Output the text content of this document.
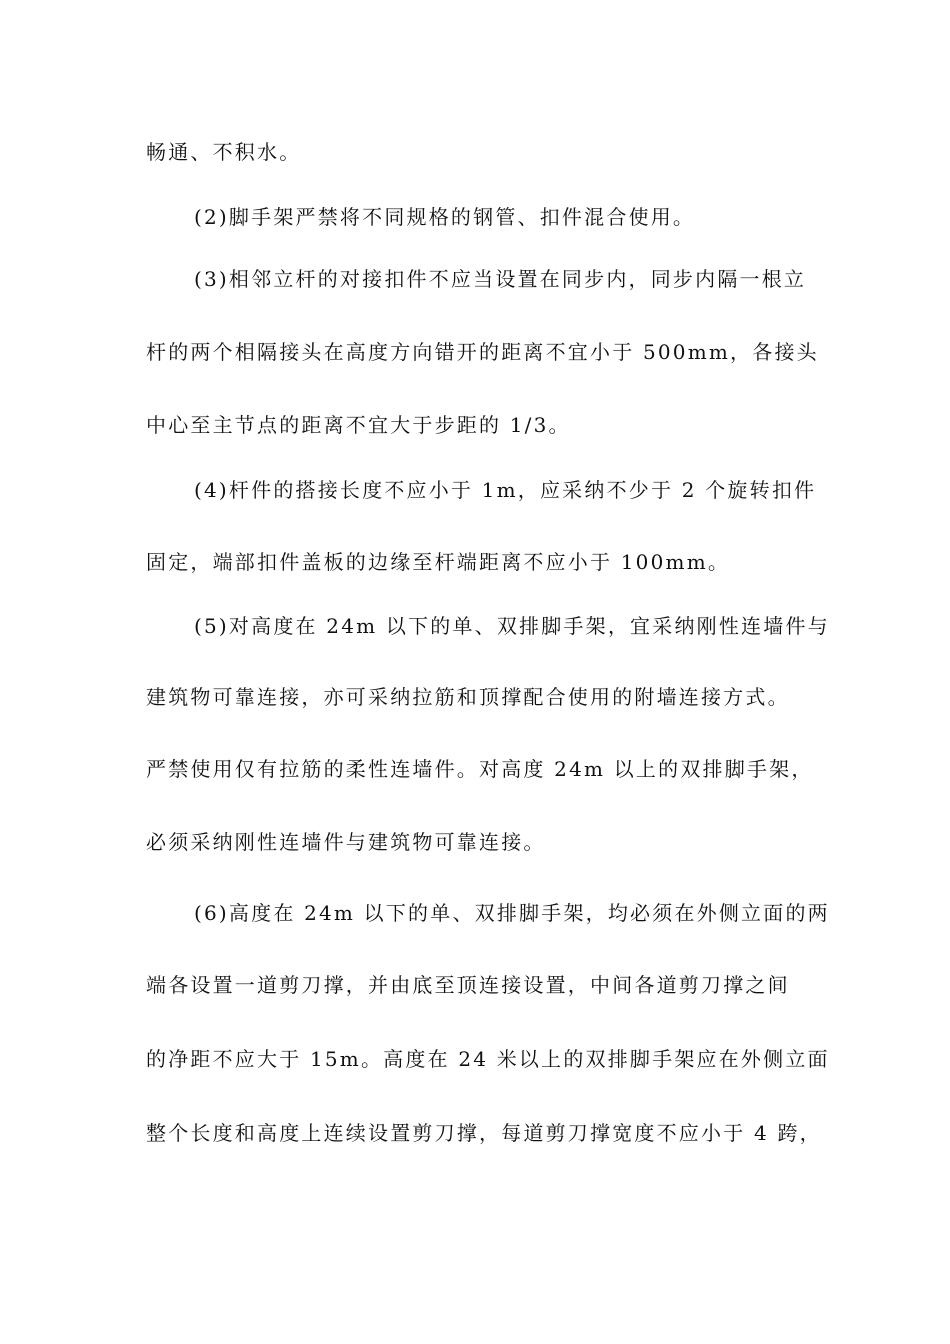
畅通、不积水。
(2)脚手架严禁将不同规格的钢管、扣件混合使用。
(3)相邻立杆的对接扣件不应当设置在同步内，同步内隔一根立
杆的两个相隔接头在高度方向错开的距离不宜小于 500mm，各接头
中心至主节点的距离不宜大于步距的 1/3。
(4)杆件的搭接长度不应小于 1m，应采纳不少于 2 个旋转扣件
固定，端部扣件盖板的边缘至杆端距离不应小于 100mm。
(5)对高度在 24m 以下的单、双排脚手架，宜采纳刚性连墙件与
建筑物可靠连接，亦可采纳拉筋和顶撑配合使用的附墙连接方式。
严禁使用仅有拉筋的柔性连墙件。对高度 24m 以上的双排脚手架，
必须采纳刚性连墙件与建筑物可靠连接。
(6)高度在 24m 以下的单、双排脚手架，均必须在外侧立面的两
端各设置一道剪刀撑，并由底至顶连接设置，中间各道剪刀撑之间
的净距不应大于 15m。高度在 24 米以上的双排脚手架应在外侧立面
整个长度和高度上连续设置剪刀撑，每道剪刀撑宽度不应小于 4 跨，
